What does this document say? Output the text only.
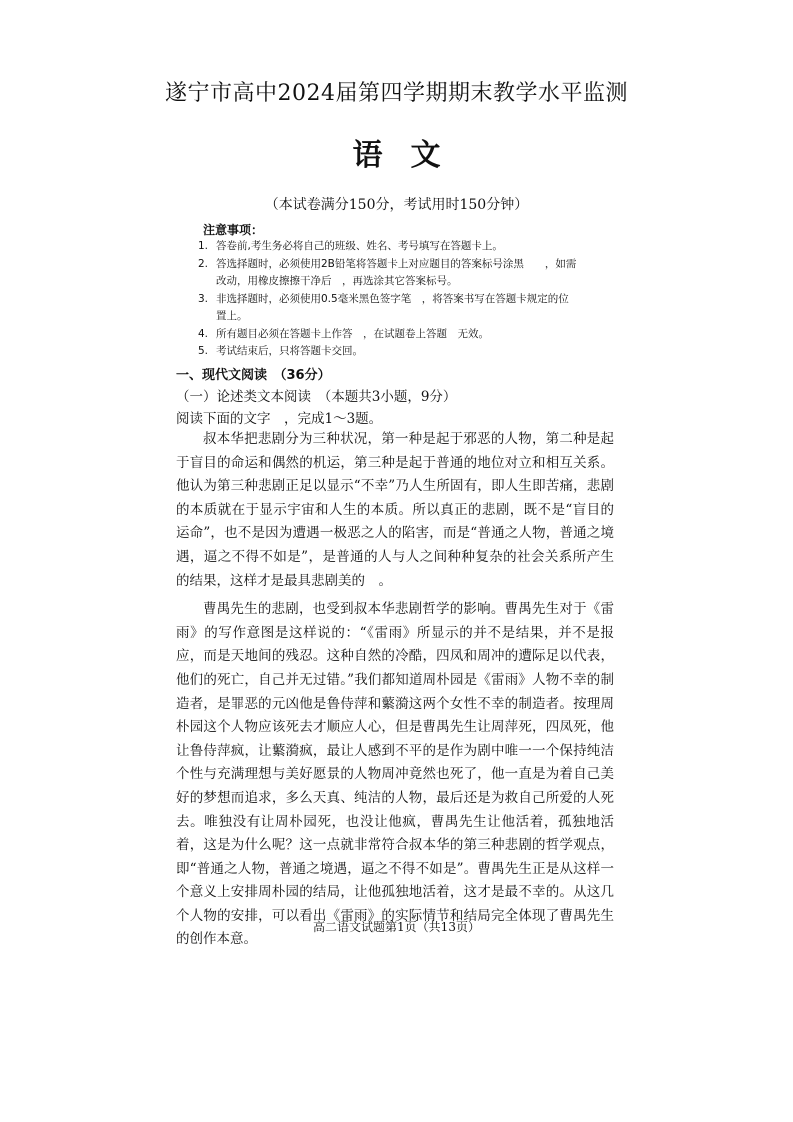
遂宁市高中2024届第四学期期末教学水平监测
语文
（本试卷满分150分，考试用时150分钟）
注意事项：
1. 答卷前,考生务必将自己的班级、姓名、考号填写在答题卡上。
2. 答选择题时，必须使用2B铅笔将答题卡上对应题目的答案标号涂黑　　，如需改动，用橡皮擦擦干净后　，再选涂其它答案标号。
3. 非选择题时，必须使用0.5毫米黑色签字笔　，将答案书写在答题卡规定的位置上。
4. 所有题目必须在答题卡上作答　，在试题卷上答题　无效。
5. 考试结束后，只将答题卡交回。
一、现代文阅读　（36分）
（一）论述类文本阅读　（本题共3小题，9分）
阅读下面的文字　，完成1～3题。

叔本华把悲剧分为三种状况，第一种是起于邪恶的人物，第二种是起于盲目的命运和偶然的机运，第三种是起于普通的地位对立和相互关系。他认为第三种悲剧正足以显示“不幸”乃人生所固有，即人生即苦痛，悲剧的本质就在于显示宇宙和人生的本质。所以真正的悲剧，既不是“盲目的运命”，也不是因为遭遇一极恶之人的陷害，而是“普通之人物，普通之境遇，逼之不得不如是”，是普通的人与人之间种种复杂的社会关系所产生的结果，这样才是最具悲剧美的　。

曹禺先生的悲剧，也受到叔本华悲剧哲学的影响。曹禺先生对于《雷雨》的写作意图是这样说的：“《雷雨》所显示的并不是结果，并不是报应，而是天地间的残忍。这种自然的冷酷，四凤和周冲的遭际足以代表，他们的死亡，自己并无过错。”我们都知道周朴园是《雷雨》人物不幸的制造者，是罪恶的元凶他是鲁侍萍和蘩漪这两个女性不幸的制造者。按理周朴园这个人物应该死去才顺应人心，但是曹禺先生让周萍死，四凤死，他让鲁侍萍疯，让蘩漪疯，最让人感到不平的是作为剧中唯一一个保持纯洁个性与充满理想与美好愿景的人物周冲竟然也死了，他一直是为着自己美好的梦想而追求，多么天真、纯洁的人物，最后还是为救自己所爱的人死去。唯独没有让周朴园死，也没让他疯，曹禺先生让他活着，孤独地活着，这是为什么呢？这一点就非常符合叔本华的第三种悲剧的哲学观点，即“普通之人物，普通之境遇，逼之不得不如是”。曹禺先生正是从这样一个意义上安排周朴园的结局，让他孤独地活着，这才是最不幸的。从这几个人物的安排，可以看出《雷雨》的实际情节和结局完全体现了曹禺先生的创作本意。

高二语文试题第1页（共13页）
